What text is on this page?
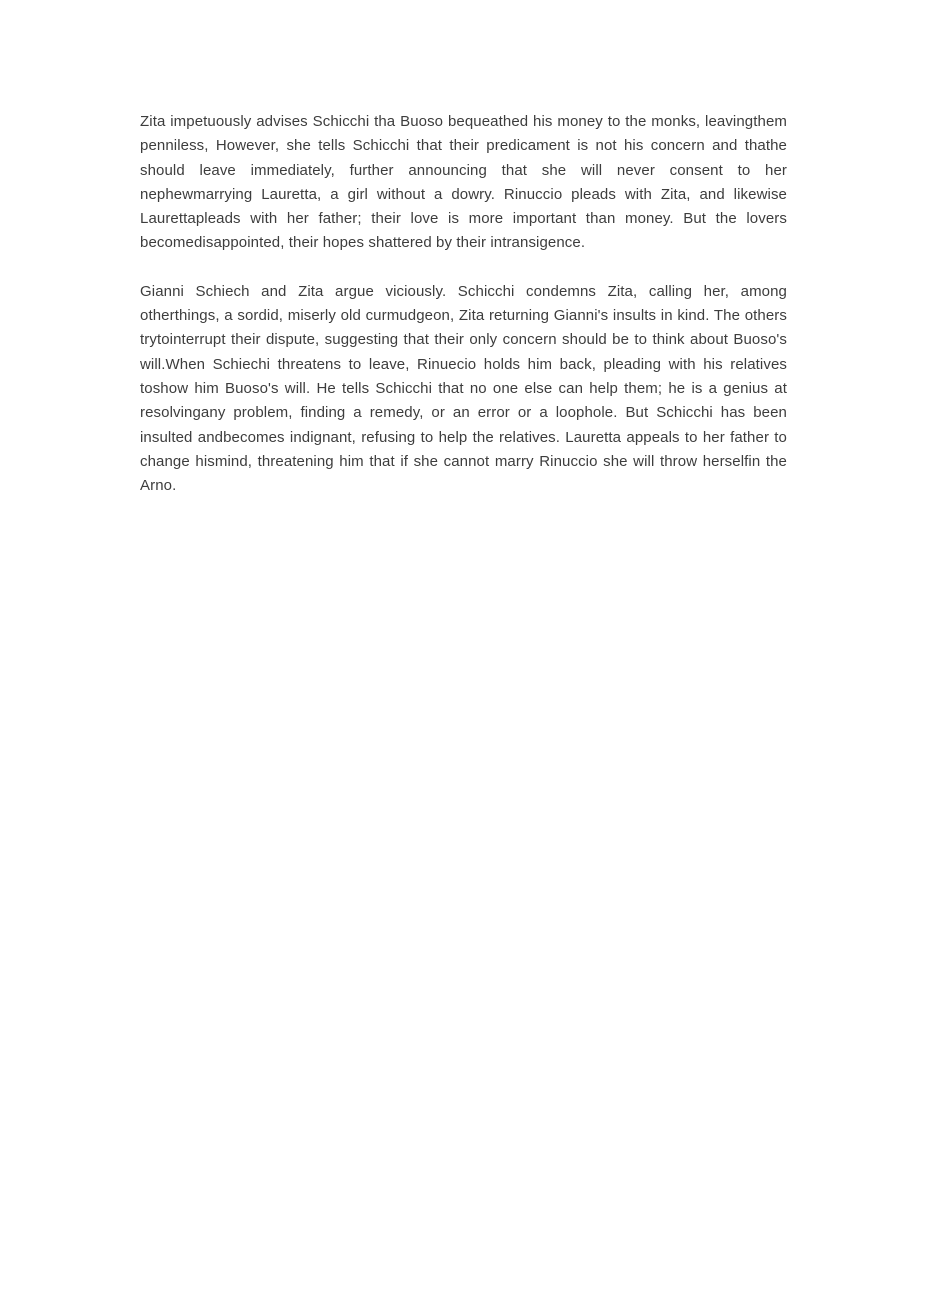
Zita impetuously advises Schicchi tha Buoso bequeathed his money to the monks, leavingthem penniless, However, she tells Schicchi that their predicament is not his concern and thathe should leave immediately, further announcing that she will never consent to her nephewmarrying Lauretta, a girl without a dowry. Rinuccio pleads with Zita, and likewise Laurettapleads with her father; their love is more important than money. But the lovers becomedisappointed, their hopes shattered by their intransigence.

Gianni Schiech and Zita argue viciously. Schicchi condemns Zita, calling her, among otherthings, a sordid, miserly old curmudgeon, Zita returning Gianni's insults in kind. The others trytointerrupt their dispute, suggesting that their only concern should be to think about Buoso's will.When Schiechi threatens to leave, Rinuecio holds him back, pleading with his relatives toshow him Buoso's will. He tells Schicchi that no one else can help them; he is a genius at resolvingany problem, finding a remedy, or an error or a loophole. But Schicchi has been insulted andbecomes indignant, refusing to help the relatives. Lauretta appeals to her father to change hismind, threatening him that if she cannot marry Rinuccio she will throw herselfin the Arno.
